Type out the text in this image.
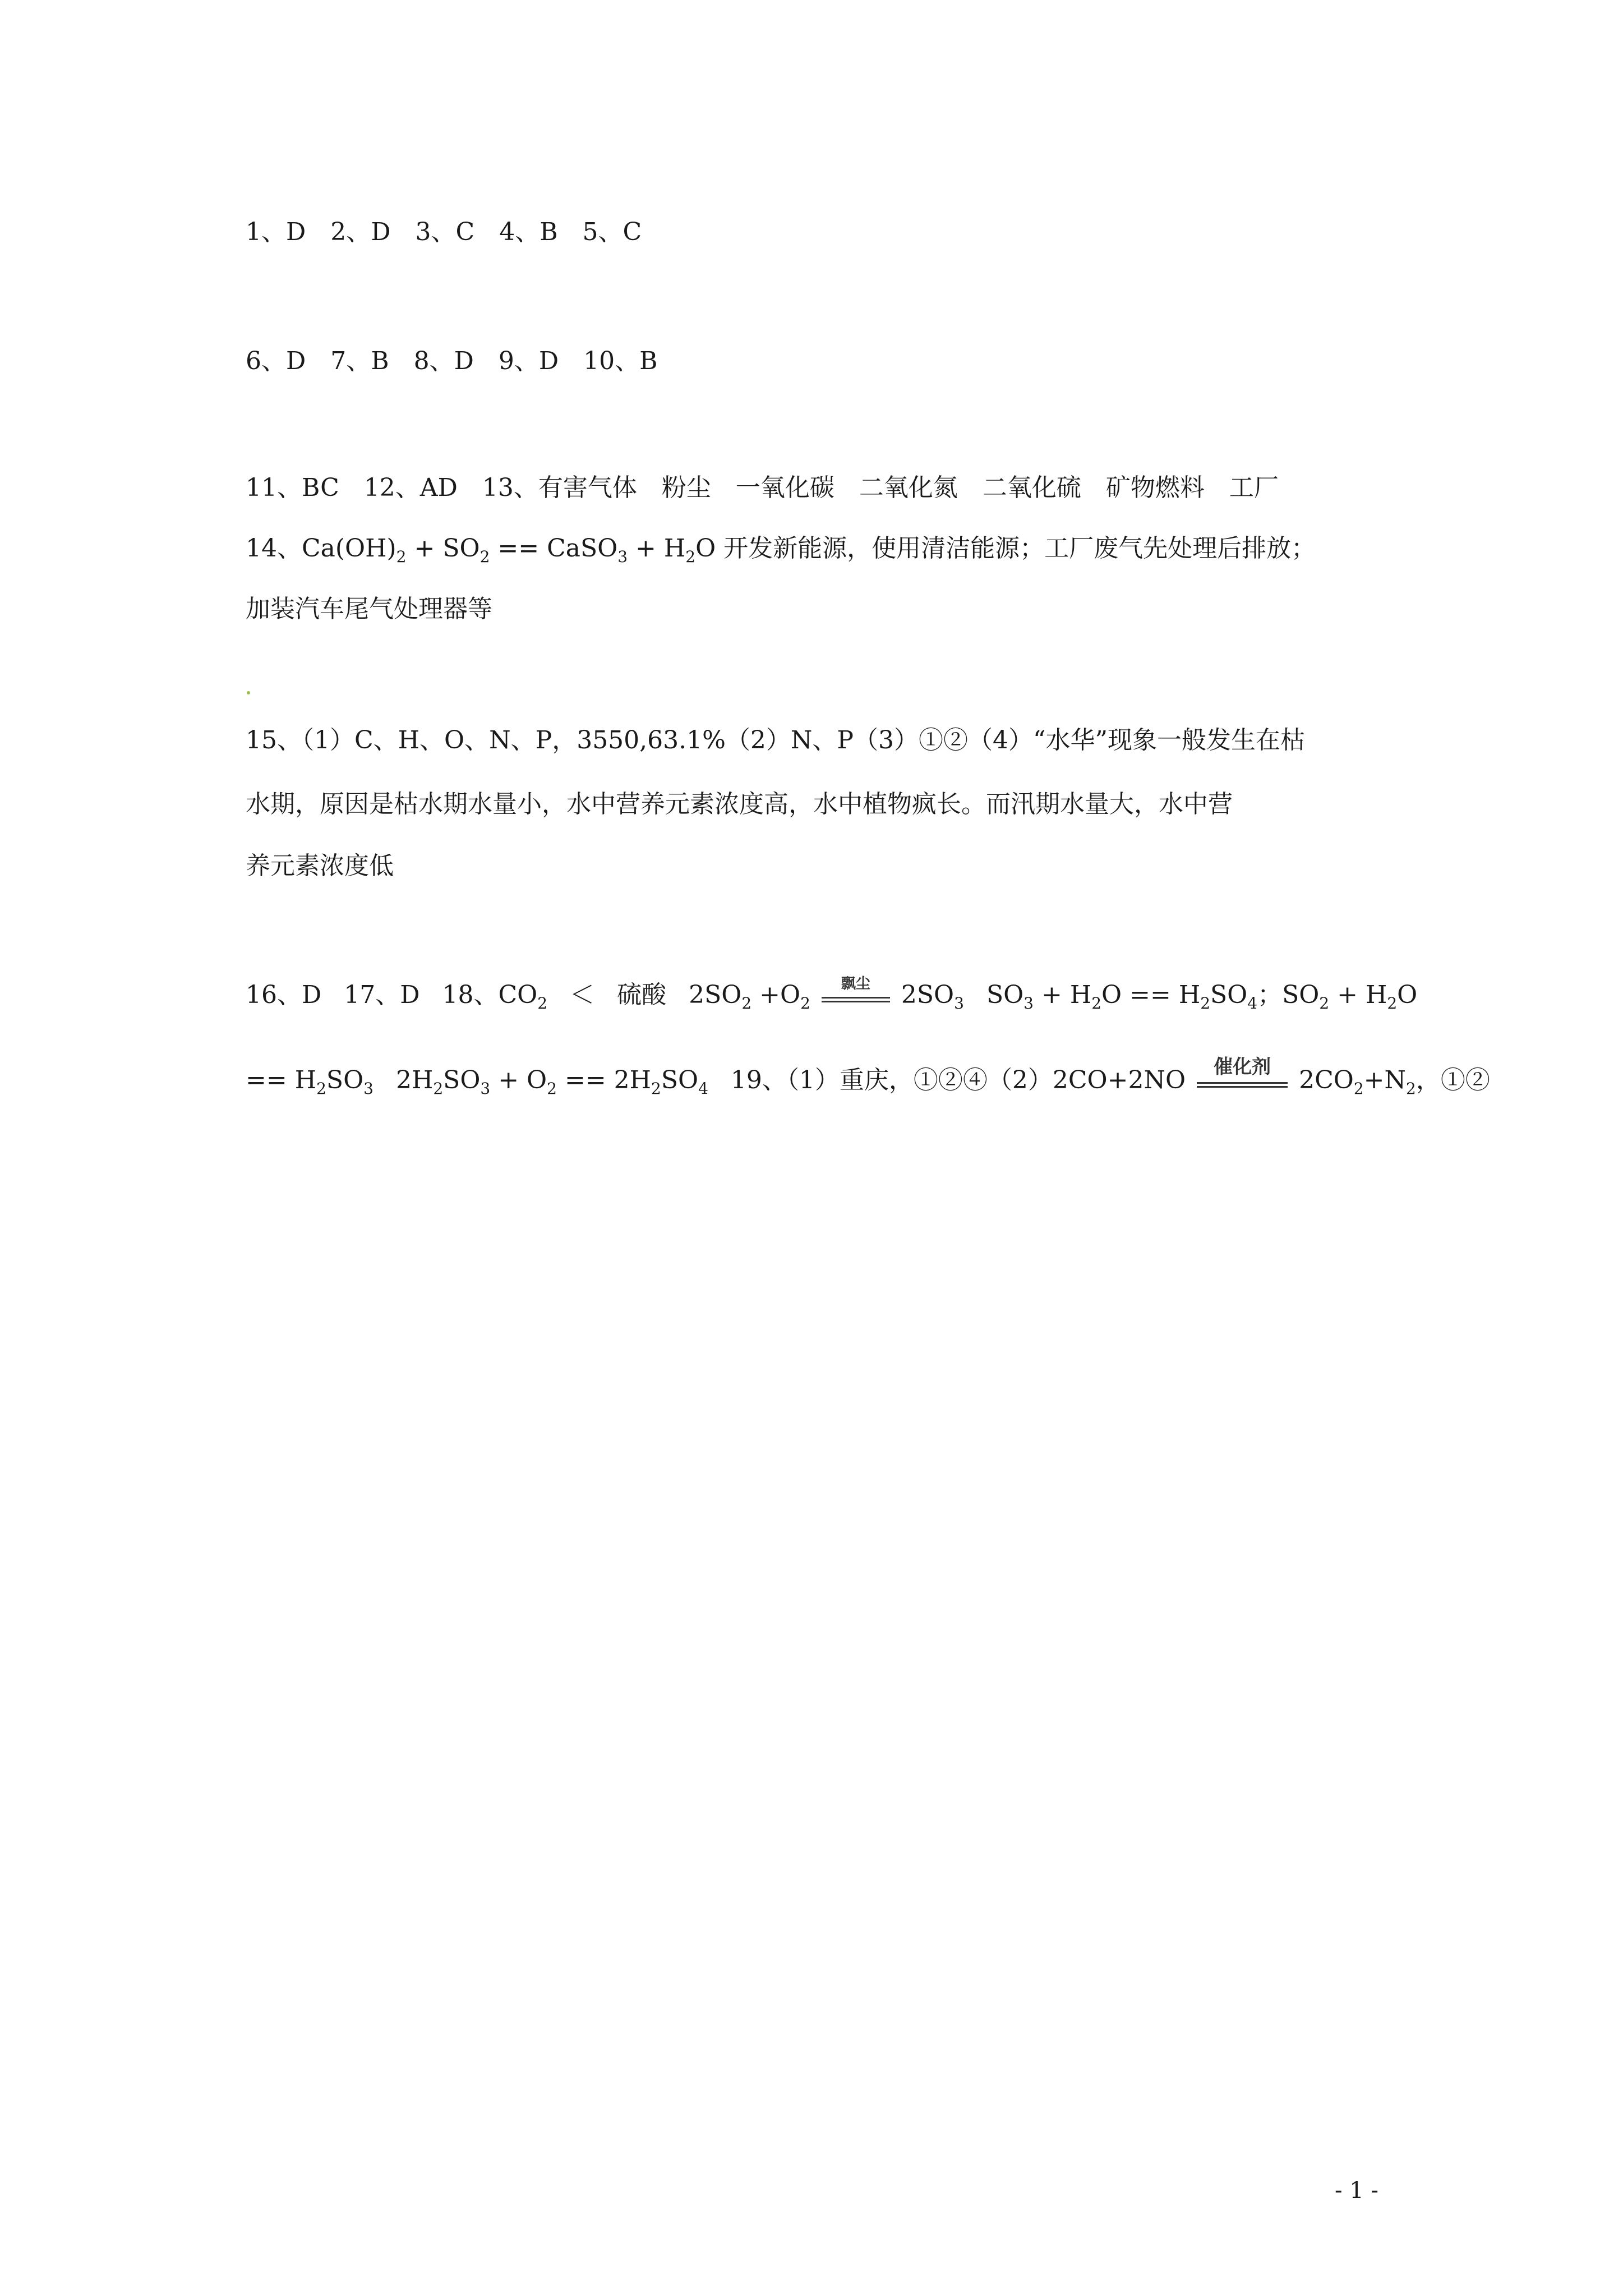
1、D　2、D　3、C　4、B　5、C
6、D　7、B　8、D　9、D　10、B
11、BC　12、AD　13、有害气体　粉尘　一氧化碳　二氧化氮　二氧化硫　矿物燃料　工厂
14、$Ca(OH)_2 + SO_2$ == CaSO$_3$ + $H_2O$ 开发新能源，使用清洁能源；工厂废气先处理后排放；
加装汽车尾气处理器等
15、（1）C、H、O、N、P，3550,63.1%（2）N、P（3）①②（4）“水华”现象一般发生在枯
水期，原因是枯水期水量小，水中营养元素浓度高，水中植物疯长。而汛期水量大，水中营
养元素浓度低
16、D 17、D 18、$CO_2$ ＜ 硫酸 $2SO_2 +O_2$
飘尘	$2SO_3$ $SO_3 + H_2O == H_2SO_4$；$SO_2 + H_2O$
== $H_2SO_3$ $2H_2SO_3 + O_2 == 2H_2SO_4$ 19、（1）重庆，①②④（2）2CO+2NO	催化剂	$2CO_2+N_2$，①②
- 1 -
